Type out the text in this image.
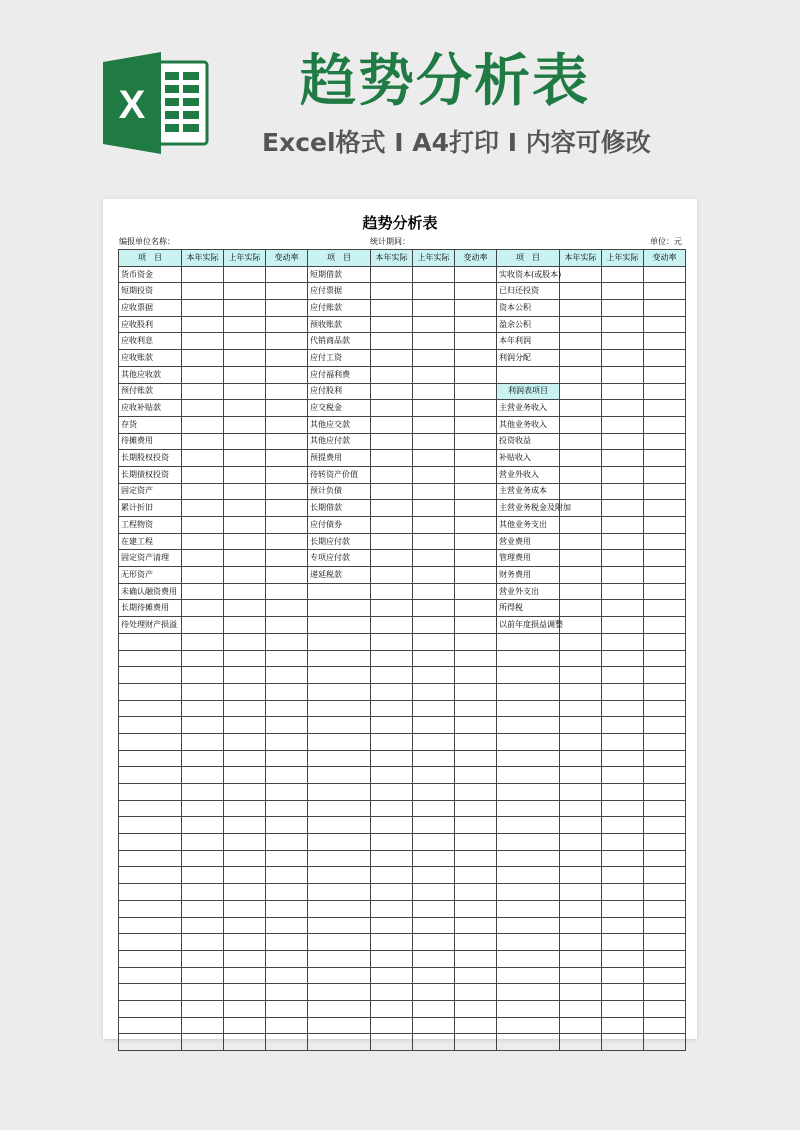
X	趋势分析表
Excel格式 I A4打印 I 内容可修改
趋势分析表
编报单位名称：	统计期间：	单位：元
项　目	本年实际	上年实际	变动率	项　目	本年实际	上年实际	变动率	项　目	本年实际	上年实际	变动率
货币资金				短期借款				实收资本(或股本)			
短期投资				应付票据				已归还投资			
应收票据				应付账款				资本公积			
应收股利				预收账款				盈余公积			
应收利息				代销商品款				本年利润			
应收账款				应付工资				利润分配			
其他应收款				应付福利费							
预付账款				应付股利				利润表项目			
应收补贴款				应交税金				主营业务收入			
存货				其他应交款				其他业务收入			
待摊费用				其他应付款				投资收益			
长期股权投资				预提费用				补贴收入			
长期债权投资				待转资产价值				营业外收入			
固定资产				预计负债				主营业务成本			
累计折旧				长期借款				主营业务税金及附加			
工程物资				应付债券				其他业务支出			
在建工程				长期应付款				营业费用			
固定资产清理				专项应付款				管理费用			
无形资产				递延税款				财务费用			
未确认融资费用								营业外支出			
长期待摊费用								所得税			
待处理财产损溢								以前年度损益调整			
